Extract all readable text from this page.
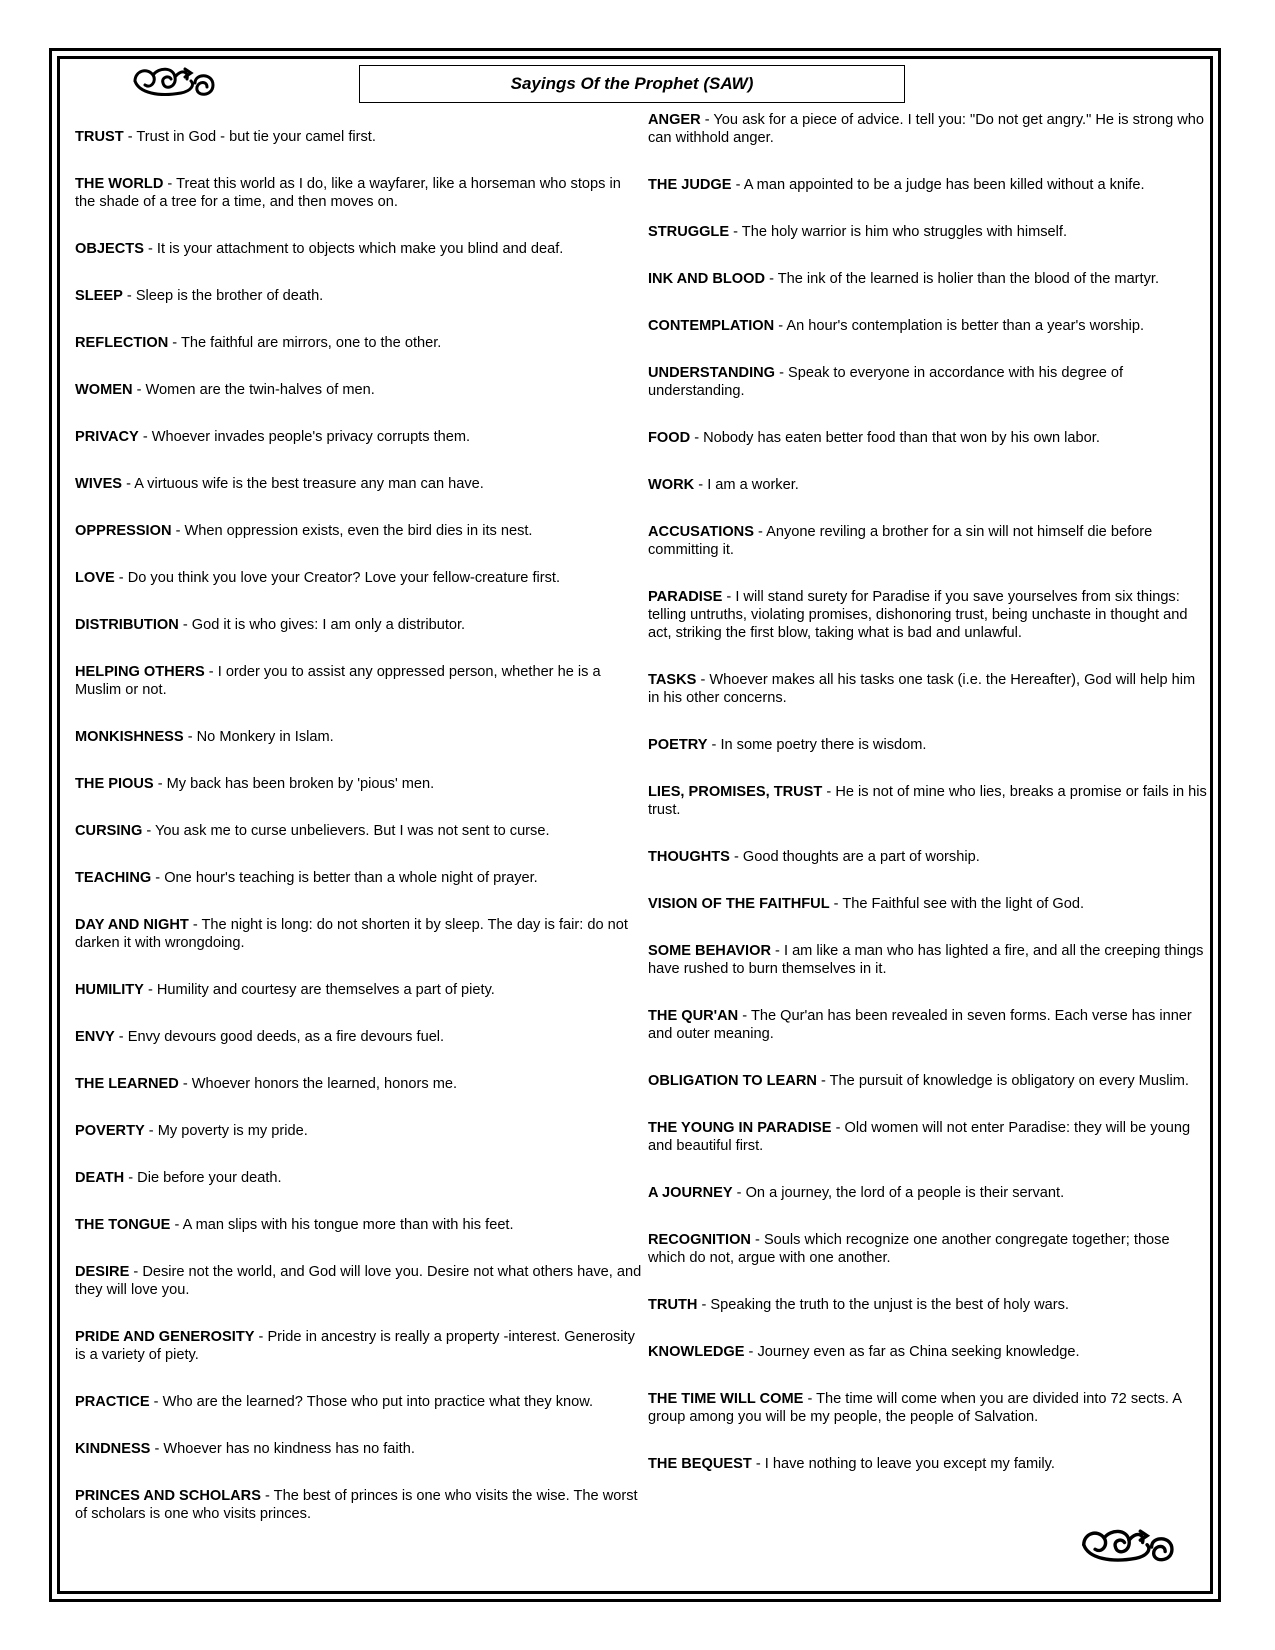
Sayings Of the Prophet (SAW)

TRUST - Trust in God - but tie your camel first.

THE WORLD - Treat this world as I do, like a wayfarer, like a horseman who stops in the shade of a tree for a time, and then moves on.

OBJECTS - It is your attachment to objects which make you blind and deaf.

SLEEP - Sleep is the brother of death.

REFLECTION - The faithful are mirrors, one to the other.

WOMEN - Women are the twin-halves of men.

PRIVACY - Whoever invades people's privacy corrupts them.

WIVES - A virtuous wife is the best treasure any man can have.

OPPRESSION - When oppression exists, even the bird dies in its nest.

LOVE - Do you think you love your Creator? Love your fellow-creature first.

DISTRIBUTION - God it is who gives: I am only a distributor.

HELPING OTHERS - I order you to assist any oppressed person, whether he is a Muslim or not.

MONKISHNESS - No Monkery in Islam.

THE PIOUS - My back has been broken by 'pious' men.

CURSING - You ask me to curse unbelievers. But I was not sent to curse.

TEACHING - One hour's teaching is better than a whole night of prayer.

DAY AND NIGHT - The night is long: do not shorten it by sleep. The day is fair: do not darken it with wrongdoing.

HUMILITY - Humility and courtesy are themselves a part of piety.

ENVY - Envy devours good deeds, as a fire devours fuel.

THE LEARNED - Whoever honors the learned, honors me.

POVERTY - My poverty is my pride.

DEATH - Die before your death.

THE TONGUE - A man slips with his tongue more than with his feet.

DESIRE - Desire not the world, and God will love you. Desire not what others have, and they will love you.

PRIDE AND GENEROSITY - Pride in ancestry is really a property -interest. Generosity is a variety of piety.

PRACTICE - Who are the learned? Those who put into practice what they know.

KINDNESS - Whoever has no kindness has no faith.

PRINCES AND SCHOLARS - The best of princes is one who visits the wise. The worst of scholars is one who visits princes.

ANGER - You ask for a piece of advice. I tell you: "Do not get angry." He is strong who can withhold anger.

THE JUDGE - A man appointed to be a judge has been killed without a knife.

STRUGGLE - The holy warrior is him who struggles with himself.

INK AND BLOOD - The ink of the learned is holier than the blood of the martyr.

CONTEMPLATION - An hour's contemplation is better than a year's worship.

UNDERSTANDING - Speak to everyone in accordance with his degree of understanding.

FOOD - Nobody has eaten better food than that won by his own labor.

WORK - I am a worker.

ACCUSATIONS - Anyone reviling a brother for a sin will not himself die before committing it.

PARADISE - I will stand surety for Paradise if you save yourselves from six things: telling untruths, violating promises, dishonoring trust, being unchaste in thought and act, striking the first blow, taking what is bad and unlawful.

TASKS - Whoever makes all his tasks one task (i.e. the Hereafter), God will help him in his other concerns.

POETRY - In some poetry there is wisdom.

LIES, PROMISES, TRUST - He is not of mine who lies, breaks a promise or fails in his trust.

THOUGHTS - Good thoughts are a part of worship.

VISION OF THE FAITHFUL - The Faithful see with the light of God.

SOME BEHAVIOR - I am like a man who has lighted a fire, and all the creeping things have rushed to burn themselves in it.

THE QUR'AN - The Qur'an has been revealed in seven forms. Each verse has inner and outer meaning.

OBLIGATION TO LEARN - The pursuit of knowledge is obligatory on every Muslim.

THE YOUNG IN PARADISE - Old women will not enter Paradise: they will be young and beautiful first.

A JOURNEY - On a journey, the lord of a people is their servant.

RECOGNITION - Souls which recognize one another congregate together; those which do not, argue with one another.

TRUTH - Speaking the truth to the unjust is the best of holy wars.

KNOWLEDGE - Journey even as far as China seeking knowledge.

THE TIME WILL COME - The time will come when you are divided into 72 sects. A group among you will be my people, the people of Salvation.

THE BEQUEST - I have nothing to leave you except my family.
